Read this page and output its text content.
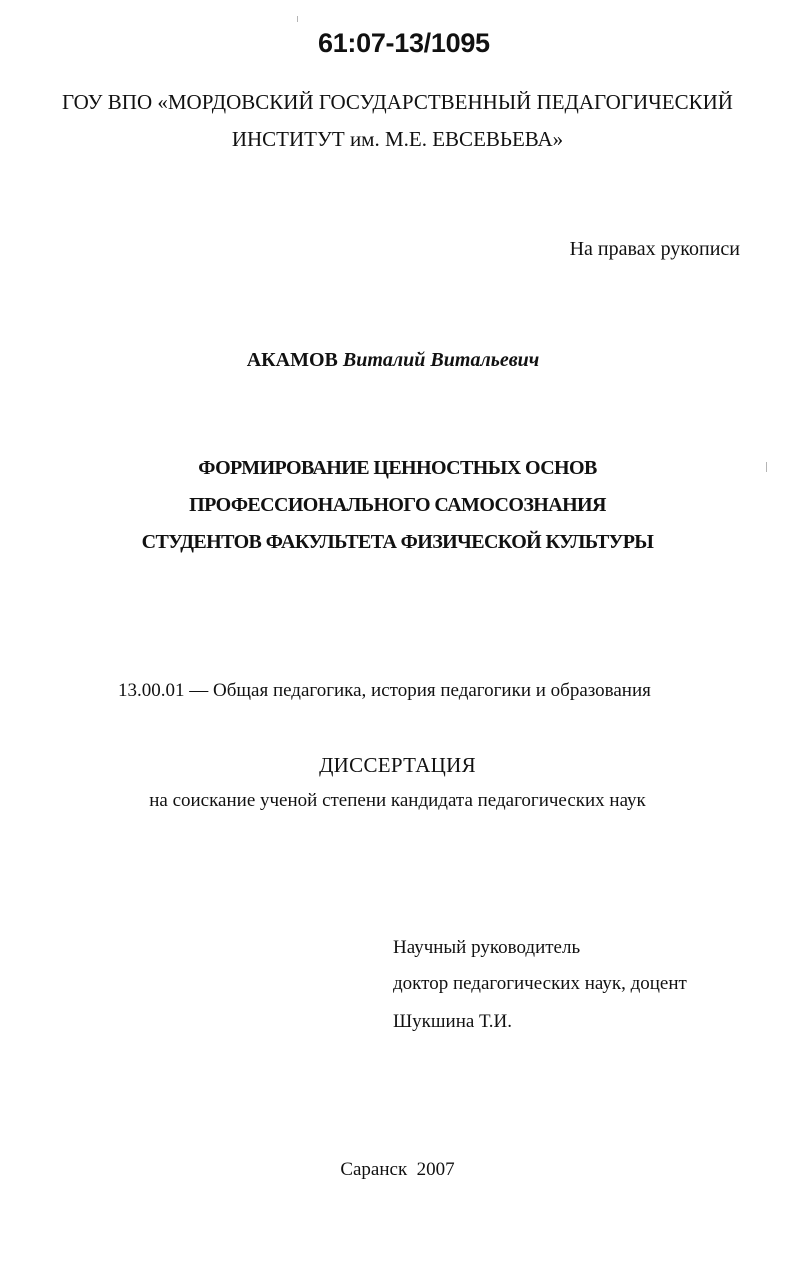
61:07-13/1095
ГОУ ВПО «МОРДОВСКИЙ ГОСУДАРСТВЕННЫЙ ПЕДАГОГИЧЕСКИЙ
ИНСТИТУТ им. М.Е. ЕВСЕВЬЕВА»
На правах рукописи
АКАМОВ Виталий Витальевич
ФОРМИРОВАНИЕ ЦЕННОСТНЫХ ОСНОВ
ПРОФЕССИОНАЛЬНОГО САМОСОЗНАНИЯ
СТУДЕНТОВ ФАКУЛЬТЕТА ФИЗИЧЕСКОЙ КУЛЬТУРЫ
13.00.01 — Общая педагогика, история педагогики и образования
ДИССЕРТАЦИЯ
на соискание ученой степени кандидата педагогических наук
Научный руководитель
доктор педагогических наук, доцент
Шукшина Т.И.
Саранск  2007
